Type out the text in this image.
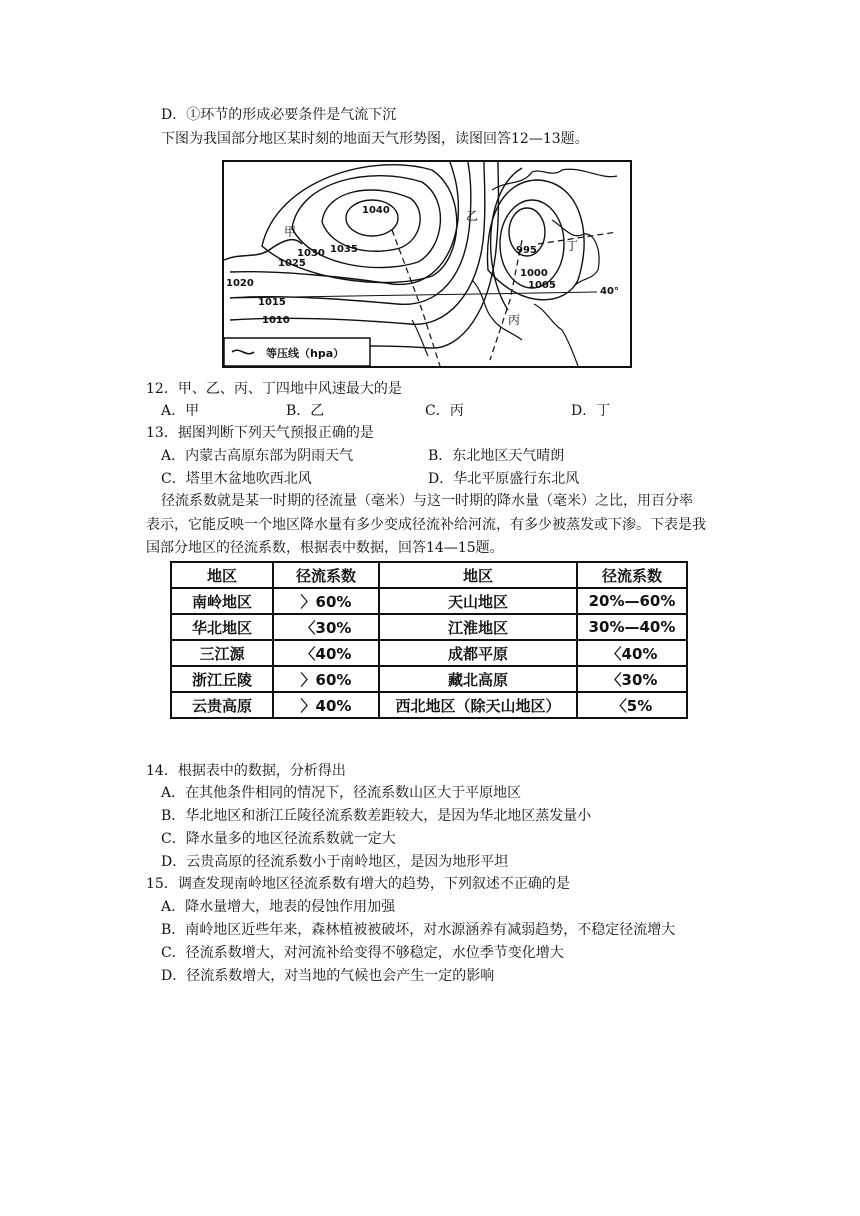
D．①环节的形成必要条件是气流下沉
下图为我国部分地区某时刻的地面天气形势图，读图回答12—13题。
1040
1035
1030
1025
1020
1015
1010
995
1000
1005
甲
乙
丙
丁
40°
等压线（hpa）
12．甲、乙、丙、丁四地中风速最大的是
A．甲	B．乙	C．丙	D．丁
13．据图判断下列天气预报正确的是
A．内蒙古高原东部为阴雨天气	B．东北地区天气晴朗
C．塔里木盆地吹西北风	D．华北平原盛行东北风
径流系数就是某一时期的径流量（毫米）与这一时期的降水量（毫米）之比，用百分率
表示，它能反映一个地区降水量有多少变成径流补给河流，有多少被蒸发或下渗。下表是我
国部分地区的径流系数，根据表中数据，回答14—15题。
地区	径流系数	地区	径流系数
南岭地区	〉60%	天山地区	20%—60%
华北地区	〈30%	江淮地区	30%—40%
三江源	〈40%	成都平原	〈40%
浙江丘陵	〉60%	藏北高原	〈30%
云贵高原	〉40%	西北地区（除天山地区）	〈5%
14．根据表中的数据，分析得出
A．在其他条件相同的情况下，径流系数山区大于平原地区
B．华北地区和浙江丘陵径流系数差距较大，是因为华北地区蒸发量小
C．降水量多的地区径流系数就一定大
D．云贵高原的径流系数小于南岭地区，是因为地形平坦
15．调查发现南岭地区径流系数有增大的趋势，下列叙述不正确的是
A．降水量增大，地表的侵蚀作用加强
B．南岭地区近些年来，森林植被被破坏，对水源涵养有减弱趋势，不稳定径流增大
C．径流系数增大，对河流补给变得不够稳定，水位季节变化增大
D．径流系数增大，对当地的气候也会产生一定的影响
